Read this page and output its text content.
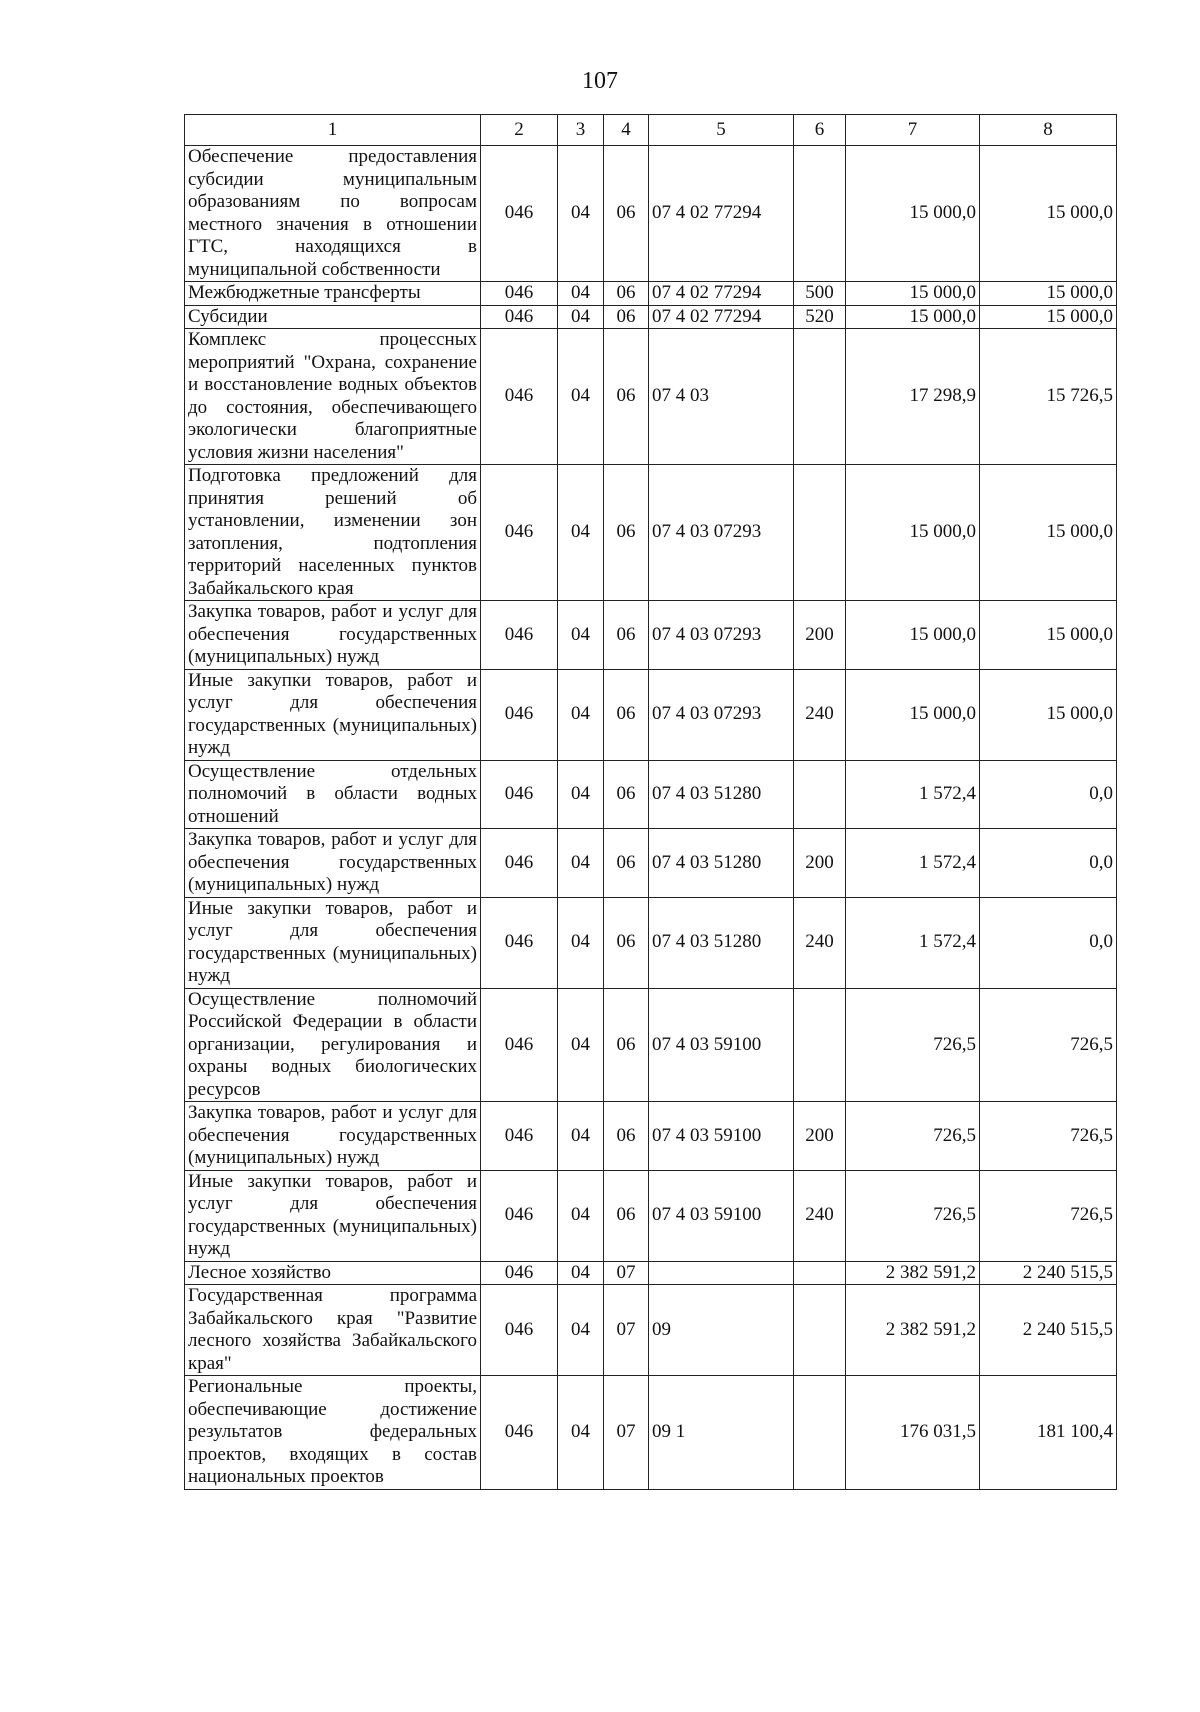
107
1	2	3	4	5	6	7	8
Обеспечение предоставления субсидии муниципальным образованиям по вопросам местного значения в отношении ГТС, находящихся в муниципальной собственности	046	04	06	07 4 02 77294		15 000,0	15 000,0
Межбюджетные трансферты	046	04	06	07 4 02 77294	500	15 000,0	15 000,0
Субсидии	046	04	06	07 4 02 77294	520	15 000,0	15 000,0
Комплекс процессных мероприятий "Охрана, сохранение и восстановление водных объектов до состояния, обеспечивающего экологически благоприятные условия жизни населения"	046	04	06	07 4 03		17 298,9	15 726,5
Подготовка предложений для принятия решений об установлении, изменении зон затопления, подтопления территорий населенных пунктов Забайкальского края	046	04	06	07 4 03 07293		15 000,0	15 000,0
Закупка товаров, работ и услуг для обеспечения государственных (муниципальных) нужд	046	04	06	07 4 03 07293	200	15 000,0	15 000,0
Иные закупки товаров, работ и услуг для обеспечения государственных (муниципальных) нужд	046	04	06	07 4 03 07293	240	15 000,0	15 000,0
Осуществление отдельных полномочий в области водных отношений	046	04	06	07 4 03 51280		1 572,4	0,0
Закупка товаров, работ и услуг для обеспечения государственных (муниципальных) нужд	046	04	06	07 4 03 51280	200	1 572,4	0,0
Иные закупки товаров, работ и услуг для обеспечения государственных (муниципальных) нужд	046	04	06	07 4 03 51280	240	1 572,4	0,0
Осуществление полномочий Российской Федерации в области организации, регулирования и охраны водных биологических ресурсов	046	04	06	07 4 03 59100		726,5	726,5
Закупка товаров, работ и услуг для обеспечения государственных (муниципальных) нужд	046	04	06	07 4 03 59100	200	726,5	726,5
Иные закупки товаров, работ и услуг для обеспечения государственных (муниципальных) нужд	046	04	06	07 4 03 59100	240	726,5	726,5
Лесное хозяйство	046	04	07			2 382 591,2	2 240 515,5
Государственная программа Забайкальского края "Развитие лесного хозяйства Забайкальского края"	046	04	07	09		2 382 591,2	2 240 515,5
Региональные проекты, обеспечивающие достижение результатов федеральных проектов, входящих в состав национальных проектов	046	04	07	09 1		176 031,5	181 100,4
